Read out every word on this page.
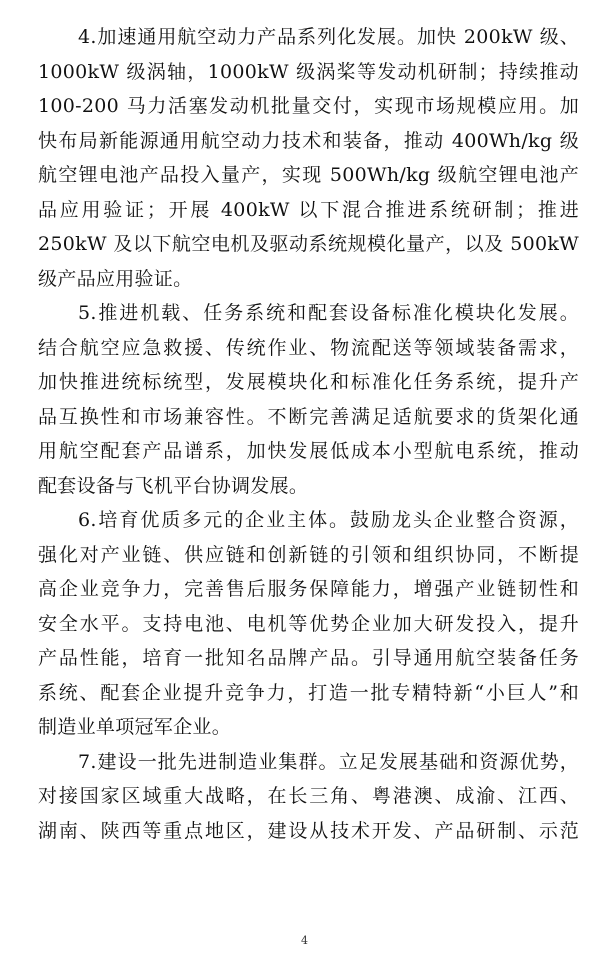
4.加速通用航空动力产品系列化发展。加快 200kW 级、
1000kW 级涡轴，1000kW 级涡桨等发动机研制；持续推动
100-200 马力活塞发动机批量交付，实现市场规模应用。加
快布局新能源通用航空动力技术和装备，推动 400Wh/kg 级
航空锂电池产品投入量产，实现 500Wh/kg 级航空锂电池产
品应用验证；开展 400kW 以下混合推进系统研制；推进
250kW 及以下航空电机及驱动系统规模化量产，以及 500kW
级产品应用验证。
5.推进机载、任务系统和配套设备标准化模块化发展。
结合航空应急救援、传统作业、物流配送等领域装备需求，
加快推进统标统型，发展模块化和标准化任务系统，提升产
品互换性和市场兼容性。不断完善满足适航要求的货架化通
用航空配套产品谱系，加快发展低成本小型航电系统，推动
配套设备与飞机平台协调发展。
6.培育优质多元的企业主体。鼓励龙头企业整合资源，
强化对产业链、供应链和创新链的引领和组织协同，不断提
高企业竞争力，完善售后服务保障能力，增强产业链韧性和
安全水平。支持电池、电机等优势企业加大研发投入，提升
产品性能，培育一批知名品牌产品。引导通用航空装备任务
系统、配套企业提升竞争力，打造一批专精特新“小巨人”和
制造业单项冠军企业。
7.建设一批先进制造业集群。立足发展基础和资源优势，
对接国家区域重大战略，在长三角、粤港澳、成渝、江西、
湖南、陕西等重点地区，建设从技术开发、产品研制、示范
4
